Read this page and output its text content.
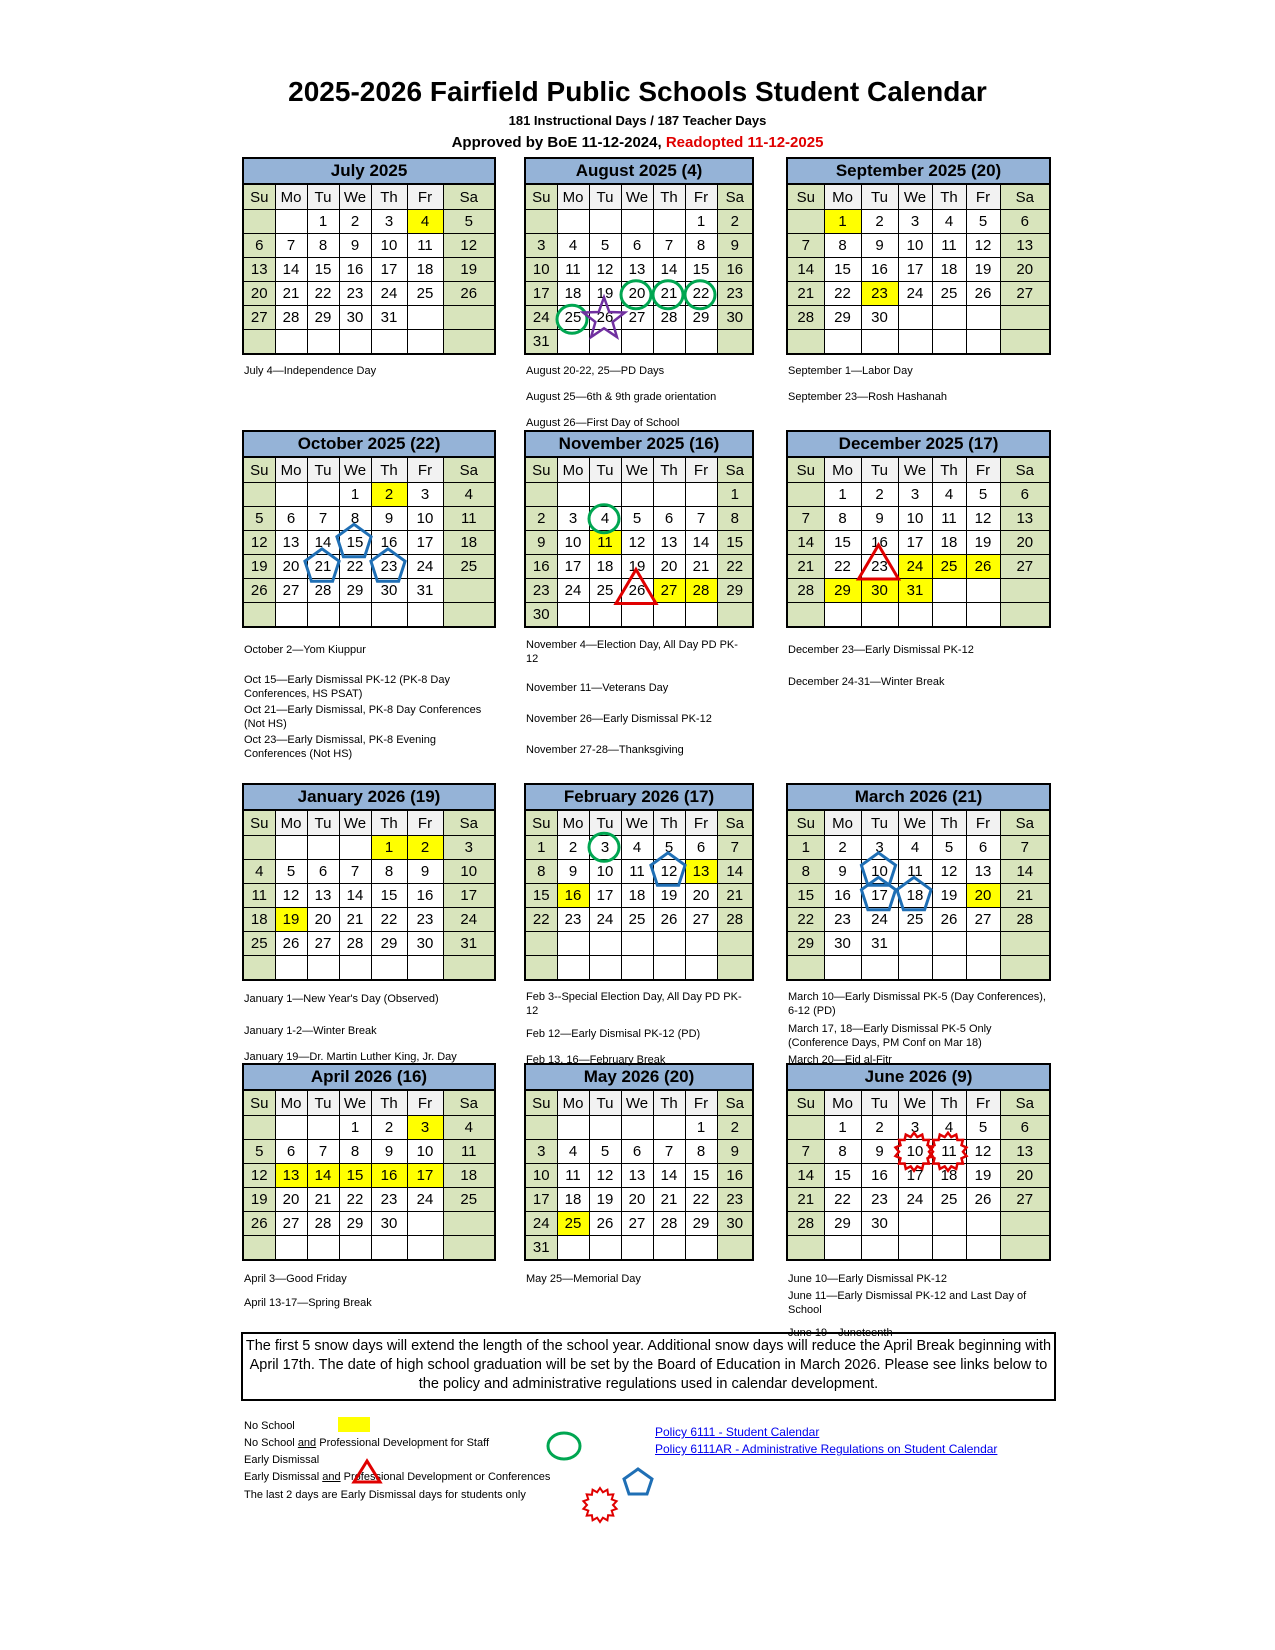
2025-2026 Fairfield Public Schools Student Calendar
181 Instructional Days / 187 Teacher Days
Approved by BoE 11-12-2024, Readopted 11-12-2025
July 2025						
Su	Mo	Tu	We	Th	Fr	Sa
		1	2	3	4	5
6	7	8	9	10	11	12
13	14	15	16	17	18	19
20	21	22	23	24	25	26
27	28	29	30	31		

August 2025 (4)						
Su	Mo	Tu	We	Th	Fr	Sa
					1	2
3	4	5	6	7	8	9
10	11	12	13	14	15	16
17	18	19	20	21	22	23
24	25	26	27	28	29	30
31						
September 2025 (20)						
Su	Mo	Tu	We	Th	Fr	Sa
	1	2	3	4	5	6
7	8	9	10	11	12	13
14	15	16	17	18	19	20
21	22	23	24	25	26	27
28	29	30				

October 2025 (22)						
Su	Mo	Tu	We	Th	Fr	Sa
			1	2	3	4
5	6	7	8	9	10	11
12	13	14	15	16	17	18
19	20	21	22	23	24	25
26	27	28	29	30	31	

November 2025 (16)						
Su	Mo	Tu	We	Th	Fr	Sa
						1
2	3	4	5	6	7	8
9	10	11	12	13	14	15
16	17	18	19	20	21	22
23	24	25	26	27	28	29
30						
December 2025 (17)						
Su	Mo	Tu	We	Th	Fr	Sa
	1	2	3	4	5	6
7	8	9	10	11	12	13
14	15	16	17	18	19	20
21	22	23	24	25	26	27
28	29	30	31			

January 2026 (19)						
Su	Mo	Tu	We	Th	Fr	Sa
				1	2	3
4	5	6	7	8	9	10
11	12	13	14	15	16	17
18	19	20	21	22	23	24
25	26	27	28	29	30	31

February 2026 (17)						
Su	Mo	Tu	We	Th	Fr	Sa
1	2	3	4	5	6	7
8	9	10	11	12	13	14
15	16	17	18	19	20	21
22	23	24	25	26	27	28

March 2026 (21)						
Su	Mo	Tu	We	Th	Fr	Sa
1	2	3	4	5	6	7
8	9	10	11	12	13	14
15	16	17	18	19	20	21
22	23	24	25	26	27	28
29	30	31				

April 2026 (16)						
Su	Mo	Tu	We	Th	Fr	Sa
			1	2	3	4
5	6	7	8	9	10	11
12	13	14	15	16	17	18
19	20	21	22	23	24	25
26	27	28	29	30		

May 2026 (20)						
Su	Mo	Tu	We	Th	Fr	Sa
					1	2
3	4	5	6	7	8	9
10	11	12	13	14	15	16
17	18	19	20	21	22	23
24	25	26	27	28	29	30
31						
June 2026 (9)						
Su	Mo	Tu	We	Th	Fr	Sa
	1	2	3	4	5	6
7	8	9	10	11	12	13
14	15	16	17	18	19	20
21	22	23	24	25	26	27
28	29	30				

July 4—Independence Day	August 20-22, 25—PD Days
August 25—6th & 9th grade orientation
August 26—First Day of School
September 1—Labor Day
September 23—Rosh Hashanah
October 2—Yom Kiuppur
Oct 15—Early Dismissal PK-12 (PK-8 Day Conferences, HS PSAT)
Oct 21—Early Dismissal, PK-8 Day Conferences (Not HS)
Oct 23—Early Dismissal, PK-8 Evening Conferences (Not HS)
November 4—Election Day, All Day PD PK-12
November 11—Veterans Day
November 26—Early Dismissal PK-12
November 27-28—Thanksgiving
December 23—Early Dismissal PK-12
December 24-31—Winter Break
January 1—New Year's Day (Observed)
January 1-2—Winter Break
January 19—Dr. Martin Luther King, Jr. Day
Feb 3--Special Election Day, All Day PD PK-12
Feb 12—Early Dismisal PK-12 (PD)
Feb 13, 16—February Break
March 10—Early Dismissal PK-5 (Day Conferences), 6-12 (PD)
March 17, 18—Early Dismissal PK-5 Only (Conference Days, PM Conf on Mar 18)
March 20—Eid al-Fitr
April 3—Good Friday
April 13-17—Spring Break
May 25—Memorial Day	June 10—Early Dismissal PK-12
June 11—Early Dismissal PK-12 and Last Day of School
June 19—Juneteenth
The first 5 snow days will extend the length of the school year. Additional snow days will reduce the April Break beginning with April 17th. The date of high school graduation will be set by the Board of Education in March 2026. Please see links below to the policy and administrative regulations used in calendar development.
No School
No School and Professional Development for Staff
Early Dismissal
Early Dismissal and Professional Development or Conferences
The last 2 days are Early Dismissal days for students only
Policy 6111 - Student Calendar
Policy 6111AR - Administrative Regulations on Student Calendar
